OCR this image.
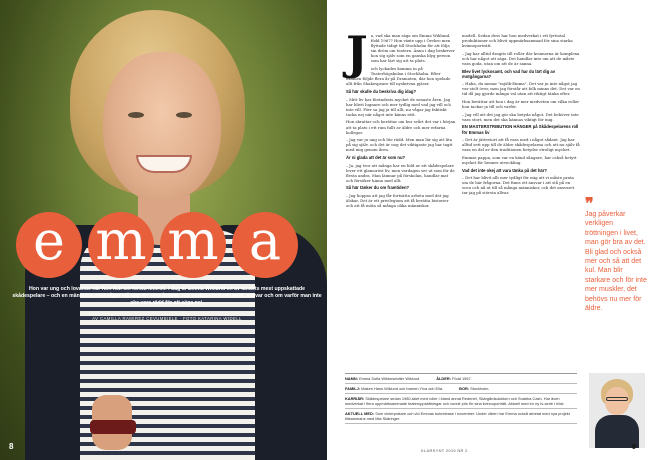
e m m a
Hon var ung och lovande när hon fick sin första filmroll. I dag är Emma Wiklund en av landets mest uppskattade skådespelare – och en människa som vågar stå upp för sina åsikter. Här berättar hon om mod, ansvar och om varför man inte ska vara rädd för att säga nej.
AV CAMILLA RAMIREZ CEVUMBIELE · FOTO KATARINA WIDELL
8
J a, vad ska man säga om Emma Wiklund, född 1967? Hon växte upp i Örebro men flyttade tidigt till Stockholm för att följa sin dröm om teatern. Ännu i dag beskriver hon sig själv som en ganska blyg person som har lärt sig att ta plats.

och lyckades komma in på Teaterhögskolan i Stockholm. Efter examen följde flera år på Dramaten, där hon spelade allt från Shakespeare till nyskrivna pjäser.

Så här skulle du beskriva dig idag?

– Mitt liv har förändrats mycket de senaste åren. Jag har blivit lugnare och mer tydlig med vad jag vill och inte vill. Förr sa jag ja till allt, nu vågar jag faktiskt tacka nej när något inte känns rätt.

Hon skrattar och berättar om hur svårt det var i början att ta plats i ett rum fullt av äldre och mer erfarna kollegor.

– Jag var ju ung och lite rädd. Men man lär sig att lita på sig själv, och det är nog det viktigaste jag har tagit med mig genom åren.

Är ni glada att det är som nu?

– Ja, jag tror att många har en bild av att skådespelare lever ett glamoröst liv, men vardagen ser ut som för de flesta andra. Man lämnar på förskolan, handlar mat och försöker hinna med allt.

Så här tänker du om framtiden?

– Jag hoppas att jag får fortsätta arbeta med det jag älskar. Det är ett privilegium att få berätta historier och att få möta så många olika människor.

modell. Sedan dess har hon medverkat i ett fyrtiotal produktioner och blivit uppmärksammad för sina starka kvinnoporträtt.

– Jag har alltid dragits till roller där kvinnorna är komplexa och har något att säga. Det handlar inte om att de måste vara goda, utan om att de är sanna.

Blev livet lyckosamt, och vad har du lärt dig av motgångarna?

– Haha, du menar "mjölk-Emma". Det var ju inte något jag var stolt över, men jag förstår att folk minns det. Det var en tid då jag gjorde många val utan att riktigt tänka efter.

Hon berättar att hon i dag är mer medveten om vilka roller hon tackar ja till och varför.

– Jag vill att det jag gör ska betyda något. Det behöver inte vara stort, men det ska kännas viktigt för mig.

EN MASTERSTRIBUTION HÄNGER på Skådespelarens roll för Emmas liv

– Det är jättestort att få vara med i något sådant. Jag har alltid sett upp till de äldre skådespelarna och att nu själv få vara en del av den traditionen betyder otroligt mycket.

Emmas pappa, som var en känd sångare, har också betytt mycket för hennes utveckling.

Vad det inte okej att vara tänka på det här?

– Det har blivit allt mer tydligt för mig att vi måste prata om de här frågorna. Det finns ett ansvar i att stå på en scen och nå ut till så många människor, och det ansvaret tar jag på största allvar.

❞
Jag påverkar verkligen tröttningen i livet, man gör bra av det. Bli glad och också mer och så att det kul. Man blir starkare och för inte mer muskler, det behövs nu mer för äldre.
NAMN: Emma Sofia Wiktorsdotter Wiklund.	ÅLDER: Född 1967.
FAMILJ: Maken Hans Wiklund och barnen Ylva och Eila.	BOR: Stockholm.
KARRIÄR: Skådespelare sedan 1980-talet med roller i bland annat Rederiet, Skärgårdsdoktorn och Snabba Cash. Har även medverkat i flera uppmärksammade teateruppsättningar och vunnit pris för sina kvinnoporträtt. Aktuell med en ny tv-serie i höst.
AKTUELL MED: Som vinterpratare och vid Emmas bokrelease i november. Under våren har Emma också arbetat med nya projekt tillsammans med Mia Skäringer.
KLARSYNT 2015 NR 2	9
